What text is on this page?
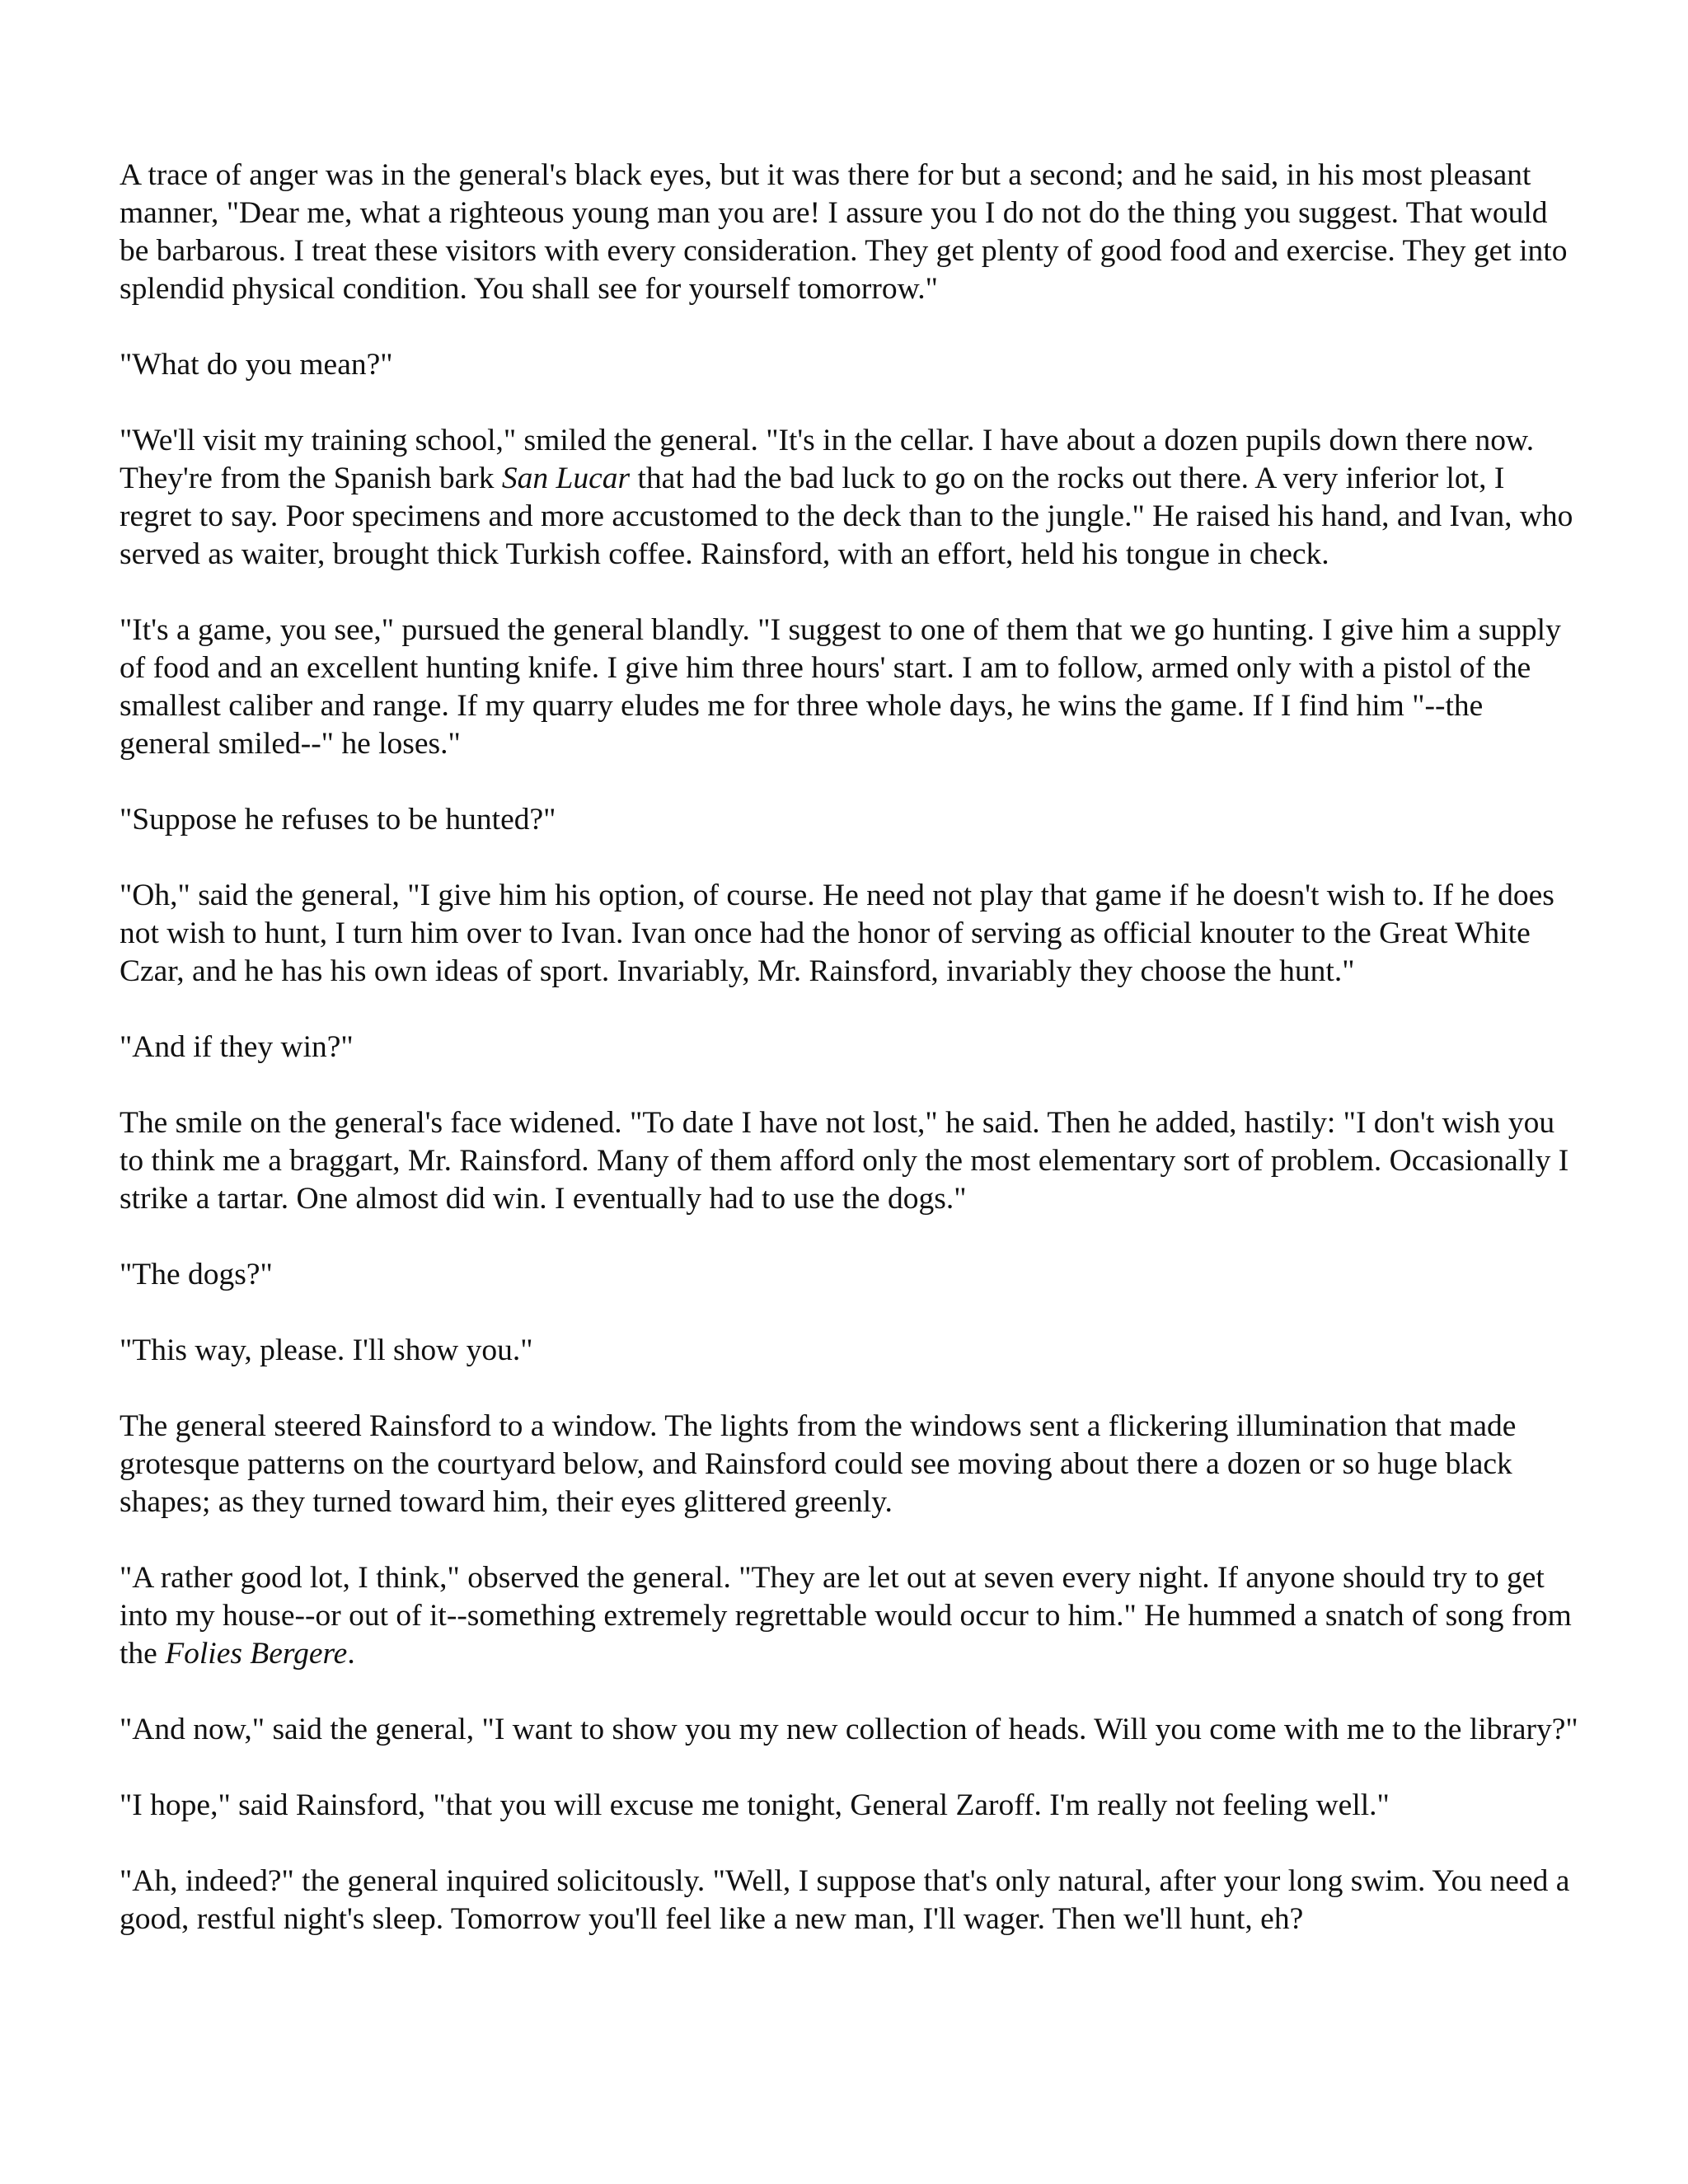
A trace of anger was in the general's black eyes, but it was there for but a second; and he said, in his most pleasant manner, "Dear me, what a righteous young man you are! I assure you I do not do the thing you suggest. That would be barbarous. I treat these visitors with every consideration. They get plenty of good food and exercise. They get into splendid physical condition. You shall see for yourself tomorrow."

"What do you mean?"

"We'll visit my training school," smiled the general. "It's in the cellar. I have about a dozen pupils down there now. They're from the Spanish bark San Lucar that had the bad luck to go on the rocks out there. A very inferior lot, I regret to say. Poor specimens and more accustomed to the deck than to the jungle." He raised his hand, and Ivan, who served as waiter, brought thick Turkish coffee. Rainsford, with an effort, held his tongue in check.

"It's a game, you see," pursued the general blandly. "I suggest to one of them that we go hunting. I give him a supply of food and an excellent hunting knife. I give him three hours' start. I am to follow, armed only with a pistol of the smallest caliber and range. If my quarry eludes me for three whole days, he wins the game. If I find him "--the general smiled--" he loses."

"Suppose he refuses to be hunted?"

"Oh," said the general, "I give him his option, of course. He need not play that game if he doesn't wish to. If he does not wish to hunt, I turn him over to Ivan. Ivan once had the honor of serving as official knouter to the Great White Czar, and he has his own ideas of sport. Invariably, Mr. Rainsford, invariably they choose the hunt."

"And if they win?"

The smile on the general's face widened. "To date I have not lost," he said. Then he added, hastily: "I don't wish you to think me a braggart, Mr. Rainsford. Many of them afford only the most elementary sort of problem. Occasionally I strike a tartar. One almost did win. I eventually had to use the dogs."

"The dogs?"

"This way, please. I'll show you."

The general steered Rainsford to a window. The lights from the windows sent a flickering illumination that made grotesque patterns on the courtyard below, and Rainsford could see moving about there a dozen or so huge black shapes; as they turned toward him, their eyes glittered greenly.

"A rather good lot, I think," observed the general. "They are let out at seven every night. If anyone should try to get into my house--or out of it--something extremely regrettable would occur to him." He hummed a snatch of song from the Folies Bergere.

"And now," said the general, "I want to show you my new collection of heads. Will you come with me to the library?"

"I hope," said Rainsford, "that you will excuse me tonight, General Zaroff. I'm really not feeling well."

"Ah, indeed?" the general inquired solicitously. "Well, I suppose that's only natural, after your long swim. You need a good, restful night's sleep. Tomorrow you'll feel like a new man, I'll wager. Then we'll hunt, eh?
